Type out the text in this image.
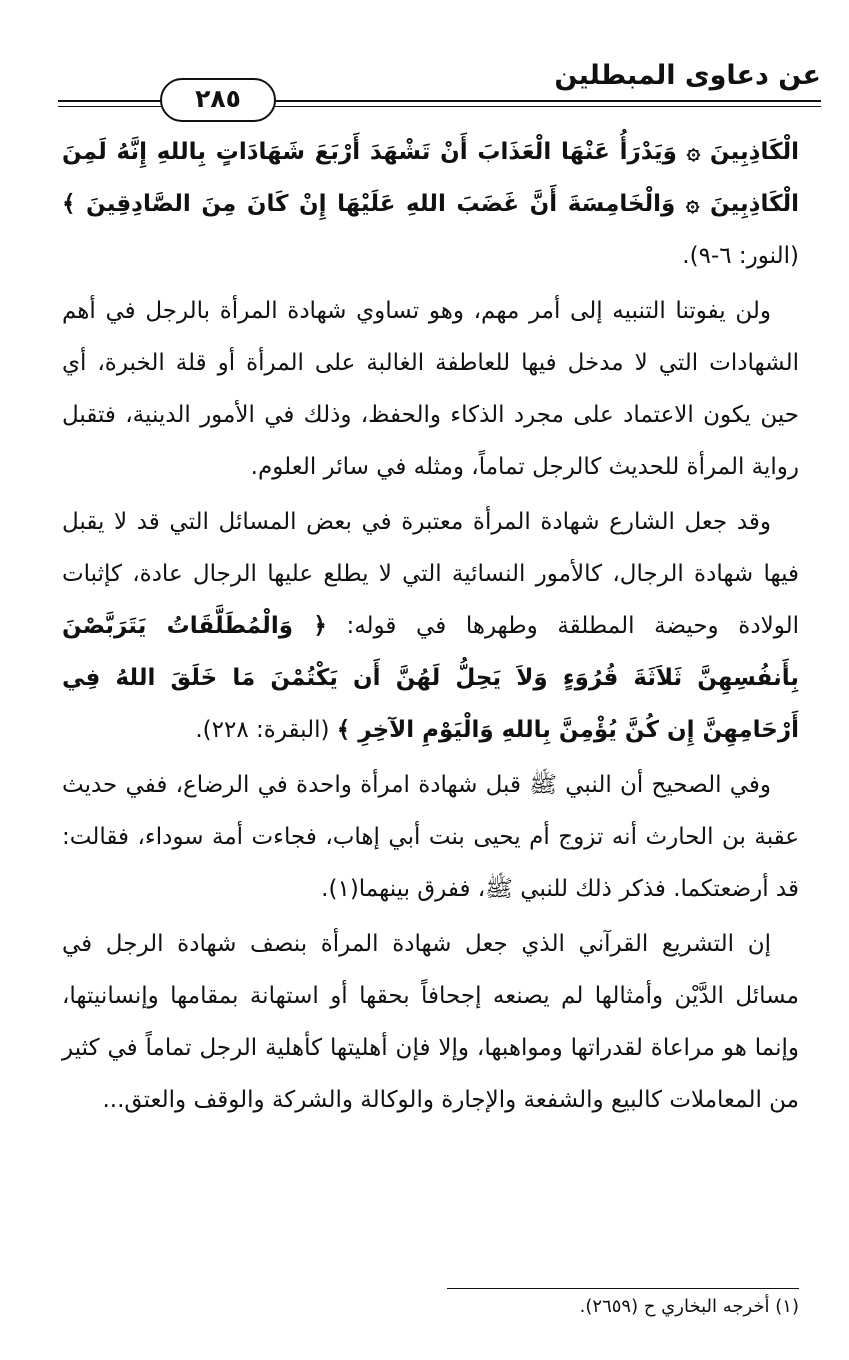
عن دعاوى المبطلين
٢٨٥

الْكَاذِبِينَ ۞ وَيَدْرَأُ عَنْهَا الْعَذَابَ أَنْ تَشْهَدَ أَرْبَعَ شَهَادَاتٍ بِاللهِ إِنَّهُ لَمِنَ الْكَاذِبِينَ ۞ وَالْخَامِسَةَ أَنَّ غَضَبَ اللهِ عَلَيْهَا إِنْ كَانَ مِنَ الصَّادِقِينَ ﴾ (النور: ٦-٩).

ولن يفوتنا التنبيه إلى أمر مهم، وهو تساوي شهادة المرأة بالرجل في أهم الشهادات التي لا مدخل فيها للعاطفة الغالبة على المرأة أو قلة الخبرة، أي حين يكون الاعتماد على مجرد الذكاء والحفظ، وذلك في الأمور الدينية، فتقبل رواية المرأة للحديث كالرجل تماماً، ومثله في سائر العلوم.

وقد جعل الشارع شهادة المرأة معتبرة في بعض المسائل التي قد لا يقبل فيها شهادة الرجال، كالأمور النسائية التي لا يطلع عليها الرجال عادة، كإثبات الولادة وحيضة المطلقة وطهرها في قوله: ﴿ وَالْمُطَلَّقَاتُ يَتَرَبَّصْنَ بِأَنفُسِهِنَّ ثَلاَثَةَ قُرُوَءٍ وَلاَ يَحِلُّ لَهُنَّ أَن يَكْتُمْنَ مَا خَلَقَ اللهُ فِي أَرْحَامِهِنَّ إِن كُنَّ يُؤْمِنَّ بِاللهِ وَالْيَوْمِ الآخِرِ ﴾ (البقرة: ٢٢٨).

وفي الصحيح أن النبي ﷺ قبل شهادة امرأة واحدة في الرضاع، ففي حديث عقبة بن الحارث أنه تزوج أم يحيى بنت أبي إهاب، فجاءت أمة سوداء، فقالت: قد أرضعتكما. فذكر ذلك للنبي ﷺ، ففرق بينهما(١).

إن التشريع القرآني الذي جعل شهادة المرأة بنصف شهادة الرجل في مسائل الدَّيْن وأمثالها لم يصنعه إجحافاً بحقها أو استهانة بمقامها وإنسانيتها، وإنما هو مراعاة لقدراتها ومواهبها، وإلا فإن أهليتها كأهلية الرجل تماماً في كثير من المعاملات كالبيع والشفعة والإجارة والوكالة والشركة والوقف والعتق...

(١) أخرجه البخاري ح (٢٦٥٩).
